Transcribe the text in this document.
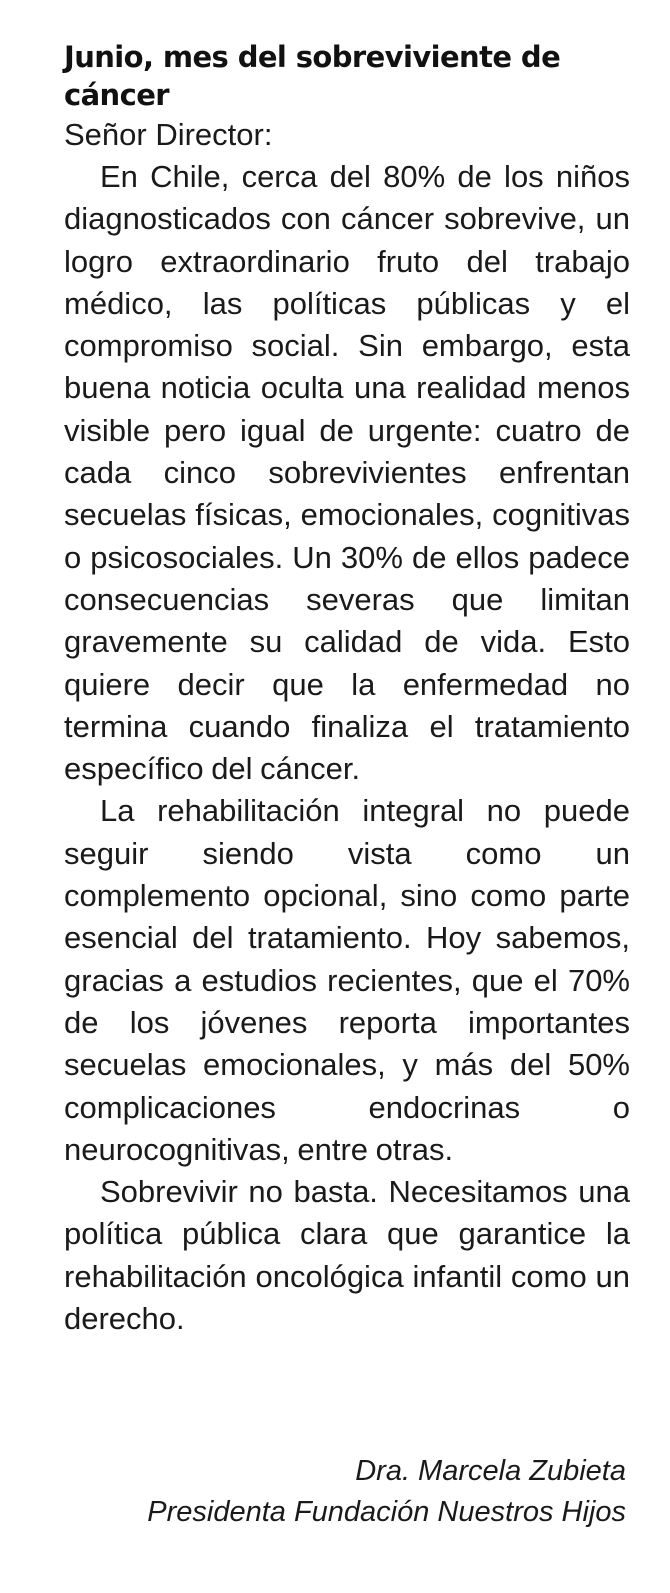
Junio, mes del sobreviviente de cáncer

Señor Director:

En Chile, cerca del 80% de los niños diagnosticados con cáncer sobrevive, un logro extraordinario fruto del trabajo médico, las políticas públicas y el compromiso social. Sin embargo, esta buena noticia oculta una realidad menos visible pero igual de urgente: cuatro de cada cinco sobrevivientes enfrentan secuelas físicas, emocionales, cognitivas o psicosociales. Un 30% de ellos padece consecuencias severas que limitan gravemente su calidad de vida. Esto quiere decir que la enfermedad no termina cuando finaliza el tratamiento específico del cáncer.

La rehabilitación integral no puede seguir siendo vista como un complemento opcional, sino como parte esencial del tratamiento. Hoy sabemos, gracias a estudios recientes, que el 70% de los jóvenes reporta importantes secuelas emocionales, y más del 50% complicaciones endocrinas o neurocognitivas, entre otras.

Sobrevivir no basta. Necesitamos una política pública clara que garantice la rehabilitación oncológica infantil como un derecho.

Dra. Marcela Zubieta
Presidenta Fundación Nuestros Hijos
